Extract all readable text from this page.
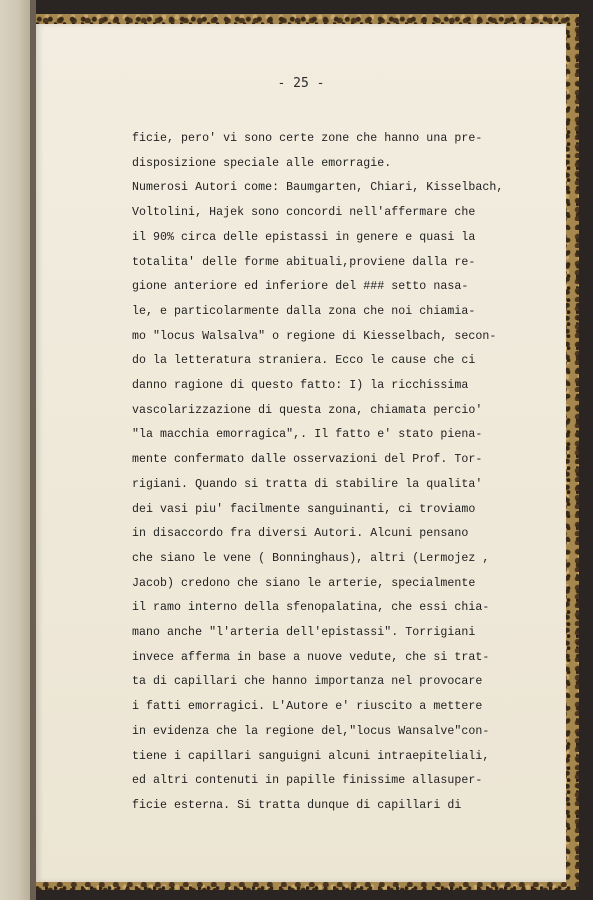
- 25 -
ficie, pero' vi sono certe zone che hanno una pre-
disposizione speciale alle emorragie.
Numerosi Autori come: Baumgarten, Chiari, Kisselbach,
Voltolini, Hajek sono concordi nell'affermare che
il 90% circa delle epistassi in genere e quasi la
totalita' delle forme abituali,proviene dalla re-
gione anteriore ed inferiore del ### setto nasa-
le, e particolarmente dalla zona che noi chiamia-
mo "locus Walsalva" o regione di Kiesselbach, secon-
do la letteratura straniera. Ecco le cause che ci
danno ragione di questo fatto: I) la ricchissima
vascolarizzazione di questa zona, chiamata percio'
"la macchia emorragica",. Il fatto e' stato piena-
mente confermato dalle osservazioni del Prof. Tor-
rigiani. Quando si tratta di stabilire la qualita'
dei vasi piu' facilmente sanguinanti, ci troviamo
in disaccordo fra diversi Autori. Alcuni pensano
che siano le vene ( Bonninghaus), altri (Lermojez ,
Jacob) credono che siano le arterie, specialmente
il ramo interno della sfenopalatina, che essi chia-
mano anche "l'arteria dell'epistassi". Torrigiani
invece afferma in base a nuove vedute, che si trat-
ta di capillari che hanno importanza nel provocare
i fatti emorragici. L'Autore e' riuscito a mettere
in evidenza che la regione del,"locus Wansalve"con-
tiene i capillari sanguigni alcuni intraepiteliali,
ed altri contenuti in papille finissime allasuper-
ficie esterna. Si tratta dunque di capillari di
